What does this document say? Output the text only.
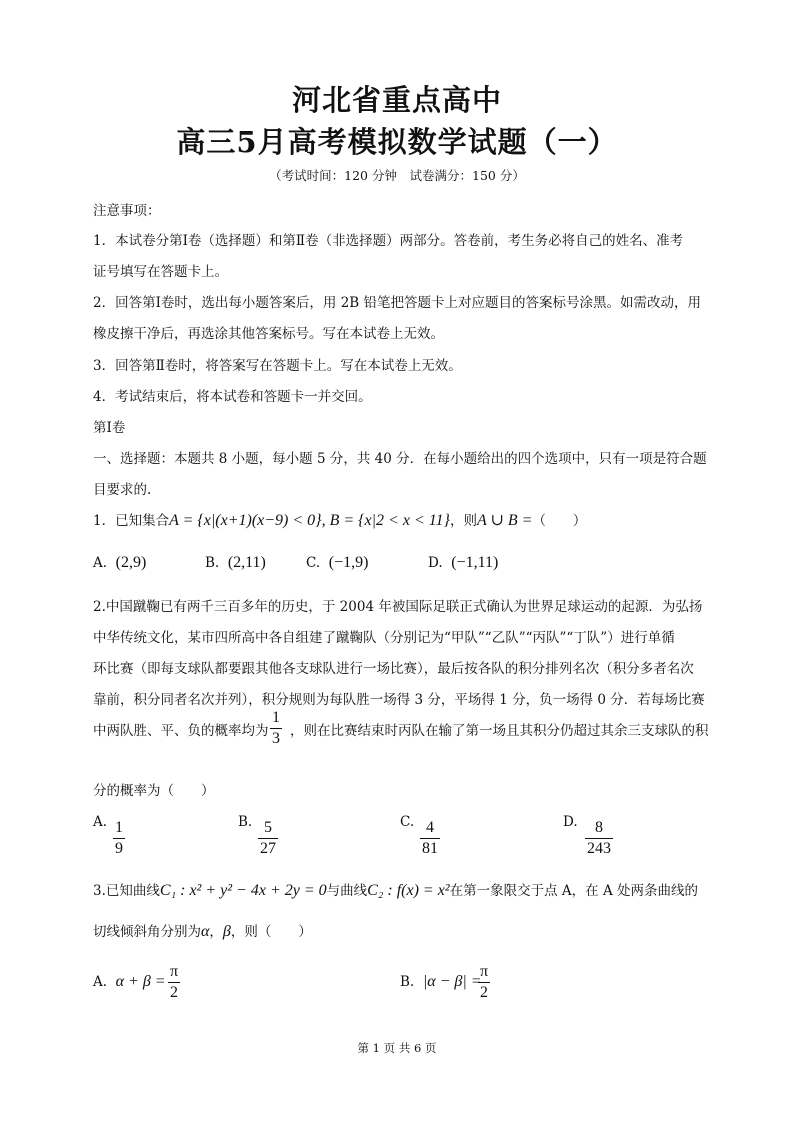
河北省重点高中
高三5月高考模拟数学试题（一）
（考试时间：120 分钟　试卷满分：150 分）
注意事项：
1．本试卷分第Ⅰ卷（选择题）和第Ⅱ卷（非选择题）两部分。答卷前，考生务必将自己的姓名、准考
证号填写在答题卡上。
2．回答第Ⅰ卷时，选出每小题答案后，用 2B 铅笔把答题卡上对应题目的答案标号涂黑。如需改动，用
橡皮擦干净后，再选涂其他答案标号。写在本试卷上无效。
3．回答第Ⅱ卷时，将答案写在答题卡上。写在本试卷上无效。
4．考试结束后，将本试卷和答题卡一并交回。
第Ⅰ卷
一、选择题：本题共 8 小题，每小题 5 分，共 40 分．在每小题给出的四个选项中，只有一项是符合题
目要求的.
1．已知集合A = {x|(x+1)(x−9) < 0}, B = {x|2 < x < 11}，则A ∪ B =（　　）
A. (2,9)	B. (2,11)	C. (−1,9)	D. (−1,11)
2.中国蹴鞠已有两千三百多年的历史，于 2004 年被国际足联正式确认为世界足球运动的起源．为弘扬
中华传统文化，某市四所高中各自组建了蹴鞠队（分别记为“甲队”“乙队”“丙队”“丁队”）进行单循
环比赛（即每支球队都要跟其他各支球队进行一场比赛），最后按各队的积分排列名次（积分多者名次
靠前，积分同者名次并列），积分规则为每队胜一场得 3 分，平场得 1 分，负一场得 0 分．若每场比赛
中两队胜、平、负的概率均为 $\frac{1}{3}$ ，则在比赛结束时丙队在输了第一场且其积分仍超过其余三支球队的积
分的概率为（　　）
A. $\frac{1}{9}$	B. $\frac{5}{27}$	C. $\frac{4}{81}$	D. $\frac{8}{243}$
3.已知曲线C₁ : x² + y² − 4x + 2y = 0与曲线C₂ : f(x) = x²在第一象限交于点 A，在 A 处两条曲线的
切线倾斜角分别为α，β，则（　　）
A. $\alpha + \beta = \frac{\pi}{2}$	B. |α − β| =
$\frac{\pi}{2}$
第 1 页 共 6 页
